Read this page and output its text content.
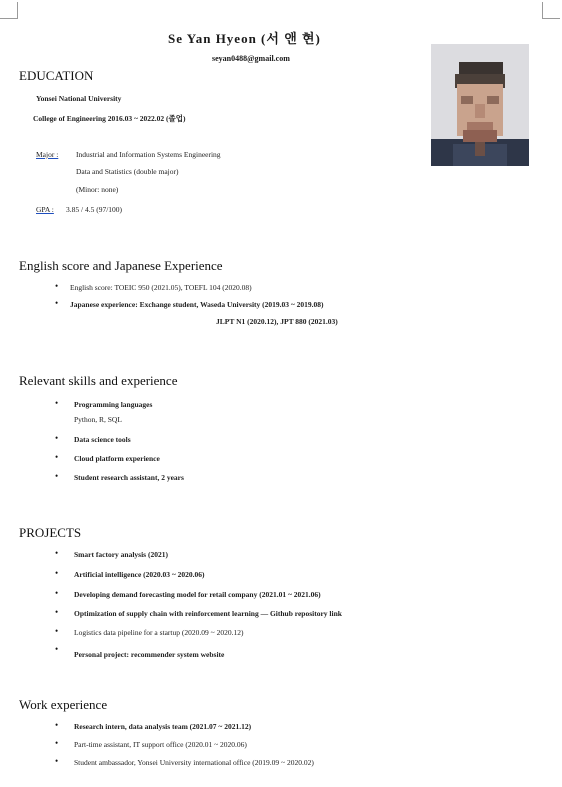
Se Yan Hyeon (서 앤 현)
seyan0488@gmail.com
EDUCATION
Yonsei National University
College of Engineering 2016.03 ~ 2022.02 (졸업)
Major : Industrial and Information Systems Engineering
Data and Statistics (double major)
(Minor: none)
GPA : 3.85 / 4.5 (97/100)
English score and Japanese Experience
• English score: TOEIC 950 (2021.05), TOEFL 104 (2020.08)
• Japanese experience: Exchange student, Waseda University (2019.03 ~ 2019.08)
JLPT N1 (2020.12), JPT 880 (2021.03)
Relevant skills and experience
• Programming languages
Python, R, SQL
• Data science tools
• Cloud platform experience
• Student research assistant, 2 years
PROJECTS
• Smart factory analysis (2021)
• Artificial intelligence (2020.03 ~ 2020.06)
• Developing demand forecasting model for retail company (2021.01 ~ 2021.06)
• Optimization of supply chain with reinforcement learning — Github repository link
• Logistics data pipeline for a startup (2020.09 ~ 2020.12)
•
Personal project: recommender system website
Work experience
• Research intern, data analysis team (2021.07 ~ 2021.12)
• Part-time assistant, IT support office (2020.01 ~ 2020.06)
• Student ambassador, Yonsei University international office (2019.09 ~ 2020.02)
